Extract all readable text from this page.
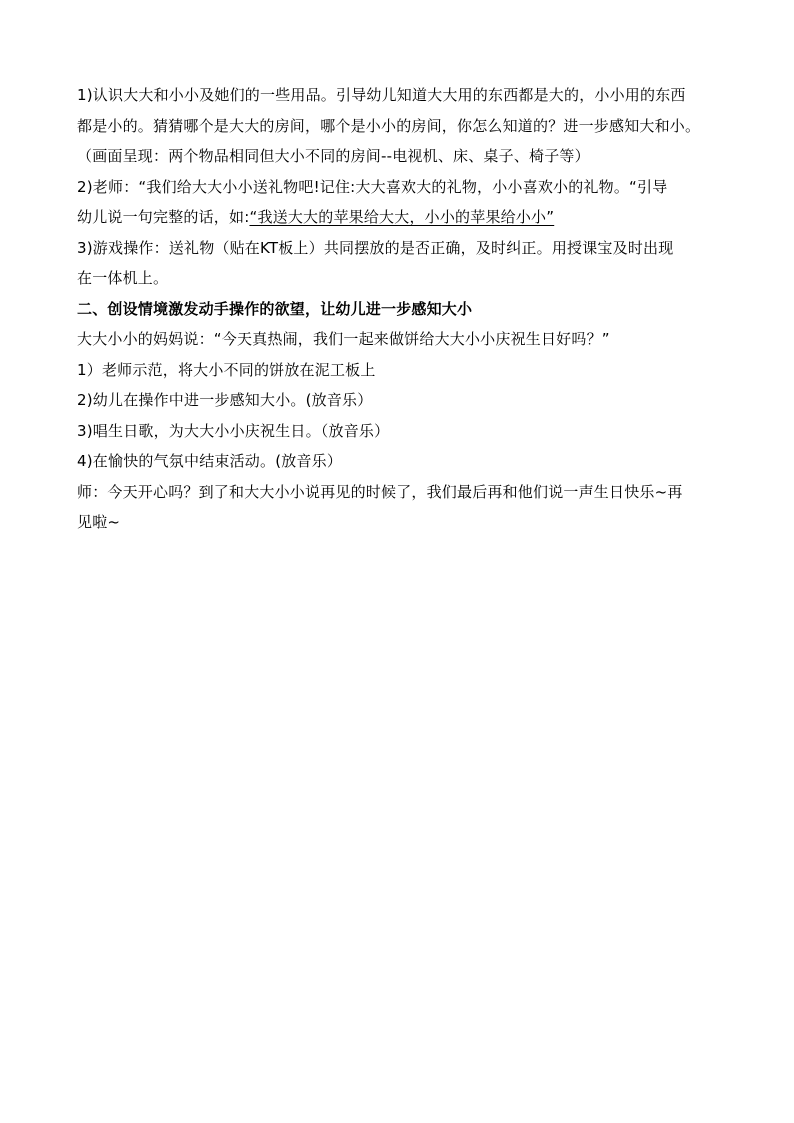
1)认识大大和小小及她们的一些用品。引导幼儿知道大大用的东西都是大的，小小用的东西
都是小的。猜猜哪个是大大的房间，哪个是小小的房间，你怎么知道的？进一步感知大和小。
（画面呈现：两个物品相同但大小不同的房间--电视机、床、桌子、椅子等）
2)老师：“我们给大大小小送礼物吧!记住:大大喜欢大的礼物，小小喜欢小的礼物。“引导
幼儿说一句完整的话，如:“我送大大的苹果给大大，小小的苹果给小小”
3)游戏操作：送礼物（贴在KT板上）共同摆放的是否正确，及时纠正。用授课宝及时出现
在一体机上。
二、创设情境激发动手操作的欲望，让幼儿进一步感知大小
大大小小的妈妈说：“今天真热闹，我们一起来做饼给大大小小庆祝生日好吗？”
1）老师示范，将大小不同的饼放在泥工板上
2)幼儿在操作中进一步感知大小。(放音乐）
3)唱生日歌，为大大小小庆祝生日。（放音乐）
4)在愉快的气氛中结束活动。(放音乐）
师：今天开心吗？到了和大大小小说再见的时候了，我们最后再和他们说一声生日快乐~再
见啦~
